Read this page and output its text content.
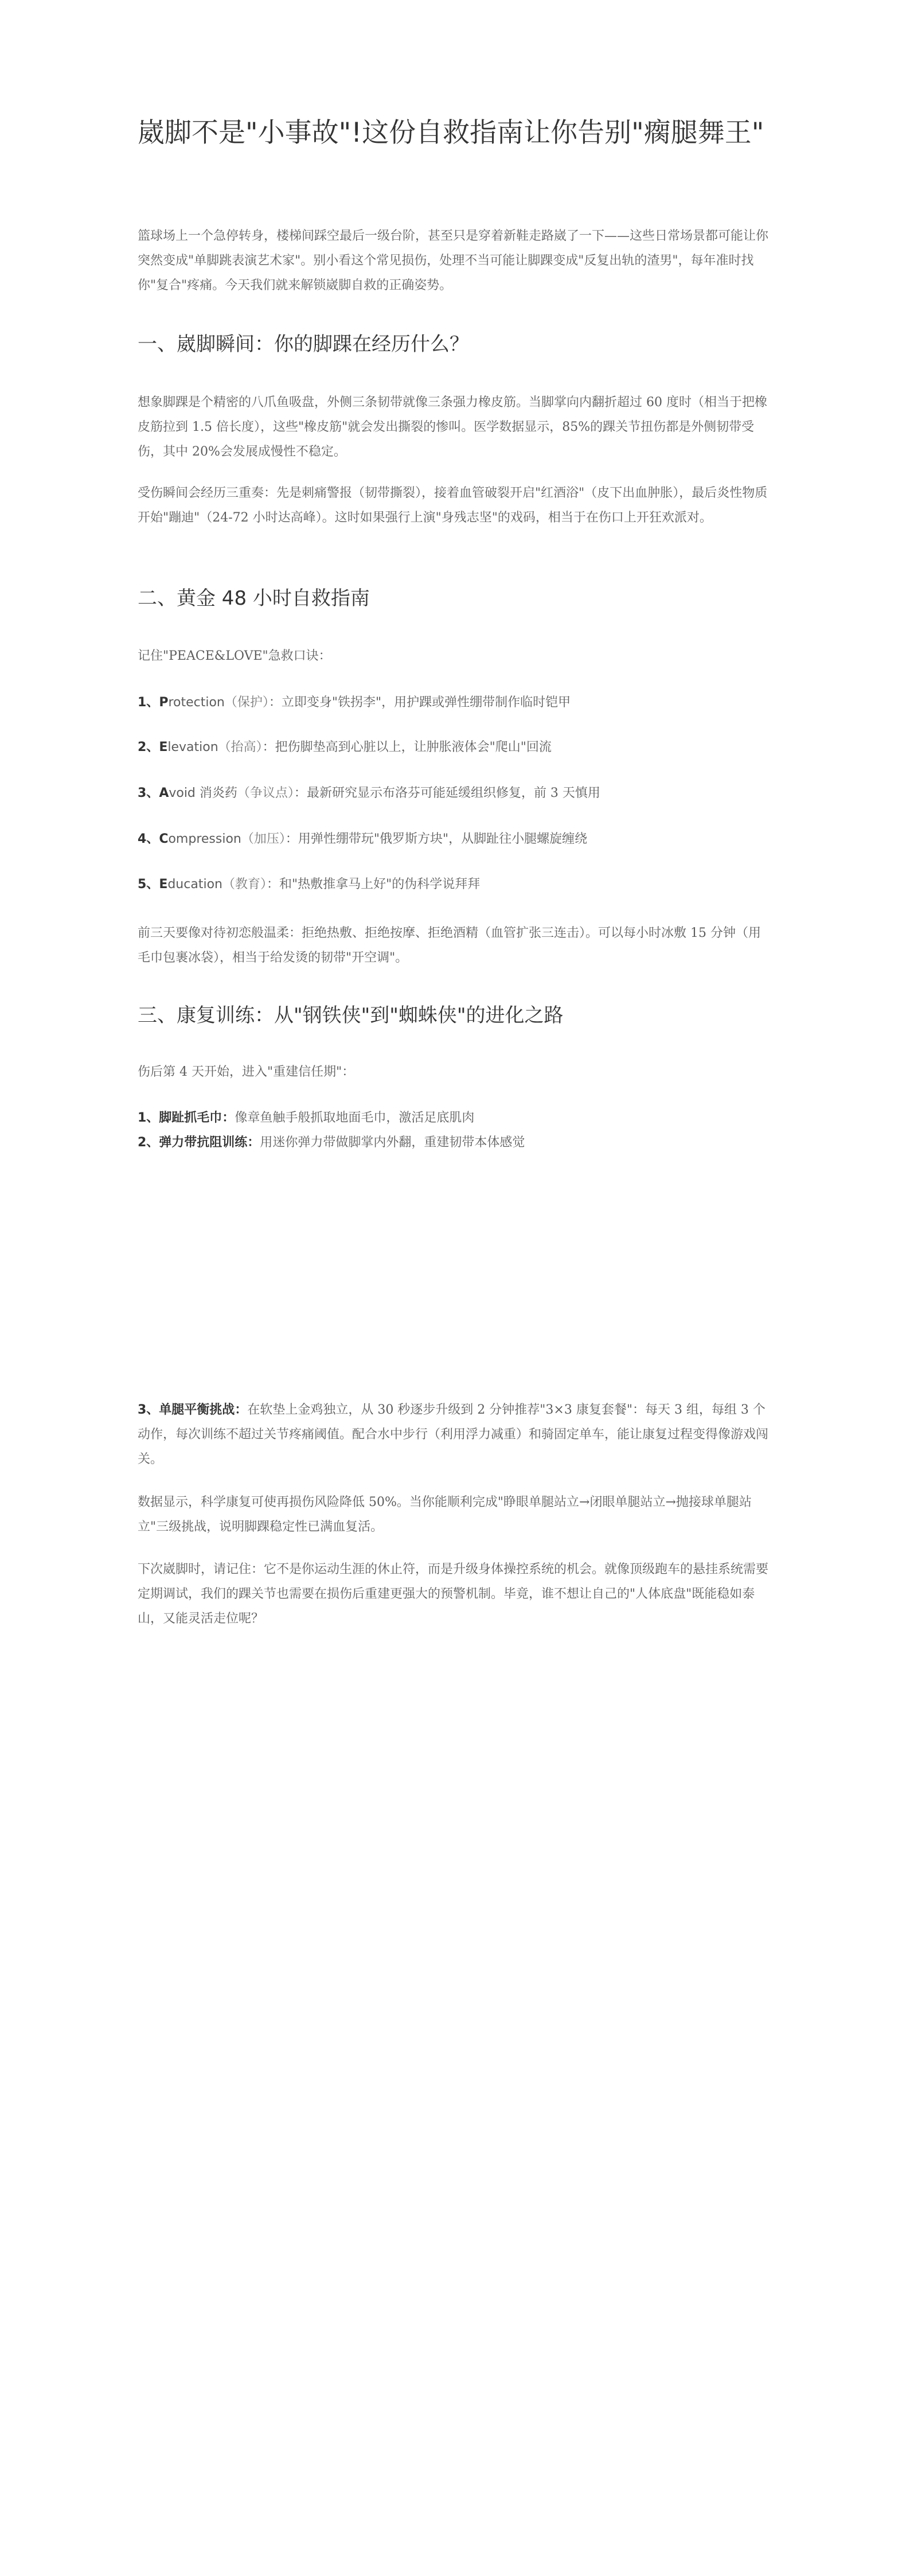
崴脚不是"小事故"!这份自救指南让你告别"瘸腿舞王"

篮球场上一个急停转身，楼梯间踩空最后一级台阶，甚至只是穿着新鞋走路崴了一下——这些日常场景都可能让你突然变成"单脚跳表演艺术家"。别小看这个常见损伤，处理不当可能让脚踝变成"反复出轨的渣男"，每年准时找你"复合"疼痛。今天我们就来解锁崴脚自救的正确姿势。

一、崴脚瞬间：你的脚踝在经历什么？

想象脚踝是个精密的八爪鱼吸盘，外侧三条韧带就像三条强力橡皮筋。当脚掌向内翻折超过 60 度时（相当于把橡皮筋拉到 1.5 倍长度），这些"橡皮筋"就会发出撕裂的惨叫。医学数据显示，85%的踝关节扭伤都是外侧韧带受伤，其中 20%会发展成慢性不稳定。

受伤瞬间会经历三重奏：先是刺痛警报（韧带撕裂），接着血管破裂开启"红酒浴"（皮下出血肿胀），最后炎性物质开始"蹦迪"（24-72 小时达高峰）。这时如果强行上演"身残志坚"的戏码，相当于在伤口上开狂欢派对。

二、黄金 48 小时自救指南

记住"PEACE&LOVE"急救口诀：

1、Protection（保护）：立即变身"铁拐李"，用护踝或弹性绷带制作临时铠甲
2、Elevation（抬高）：把伤脚垫高到心脏以上，让肿胀液体会"爬山"回流
3、Avoid 消炎药（争议点）：最新研究显示布洛芬可能延缓组织修复，前 3 天慎用
4、Compression（加压）：用弹性绷带玩"俄罗斯方块"，从脚趾往小腿螺旋缠绕
5、Education（教育）：和"热敷推拿马上好"的伪科学说拜拜

前三天要像对待初恋般温柔：拒绝热敷、拒绝按摩、拒绝酒精（血管扩张三连击）。可以每小时冰敷 15 分钟（用毛巾包裹冰袋），相当于给发烫的韧带"开空调"。

三、康复训练：从"钢铁侠"到"蜘蛛侠"的进化之路

伤后第 4 天开始，进入"重建信任期"：

1、脚趾抓毛巾：像章鱼触手般抓取地面毛巾，激活足底肌肉
2、弹力带抗阻训练：用迷你弹力带做脚掌内外翻，重建韧带本体感觉
3、单腿平衡挑战：在软垫上金鸡独立，从 30 秒逐步升级到 2 分钟推荐"3×3 康复套餐"：每天 3 组，每组 3 个动作，每次训练不超过关节疼痛阈值。配合水中步行（利用浮力减重）和骑固定单车，能让康复过程变得像游戏闯关。

数据显示，科学康复可使再损伤风险降低 50%。当你能顺利完成"睁眼单腿站立→闭眼单腿站立→抛接球单腿站立"三级挑战，说明脚踝稳定性已满血复活。

下次崴脚时，请记住：它不是你运动生涯的休止符，而是升级身体操控系统的机会。就像顶级跑车的悬挂系统需要定期调试，我们的踝关节也需要在损伤后重建更强大的预警机制。毕竟，谁不想让自己的"人体底盘"既能稳如泰山，又能灵活走位呢？
